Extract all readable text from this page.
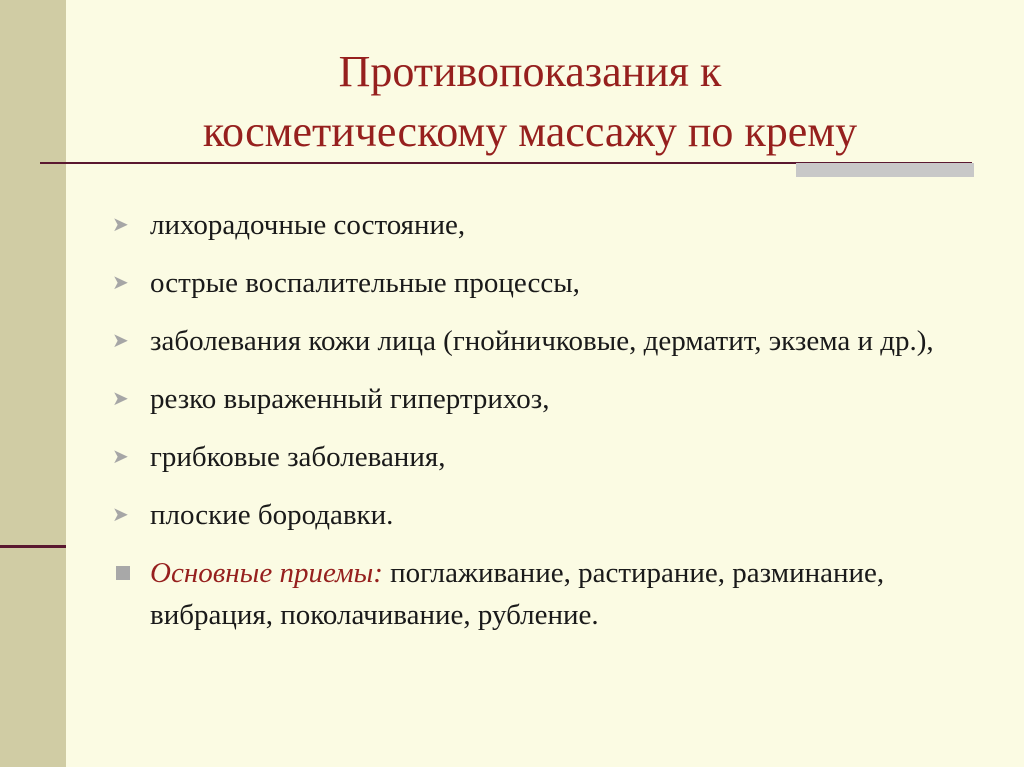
Противопоказания к
косметическому массажу по крему
➤ лихорадочные состояние,
➤ острые воспалительные процессы,
➤ заболевания кожи лица (гнойничковые, дерматит, экзема и др.),
➤ резко выраженный гипертрихоз,
➤ грибковые заболевания,
➤ плоские бородавки.
Основные приемы: поглаживание, растирание, разминание, вибрация, поколачивание, рубление.
